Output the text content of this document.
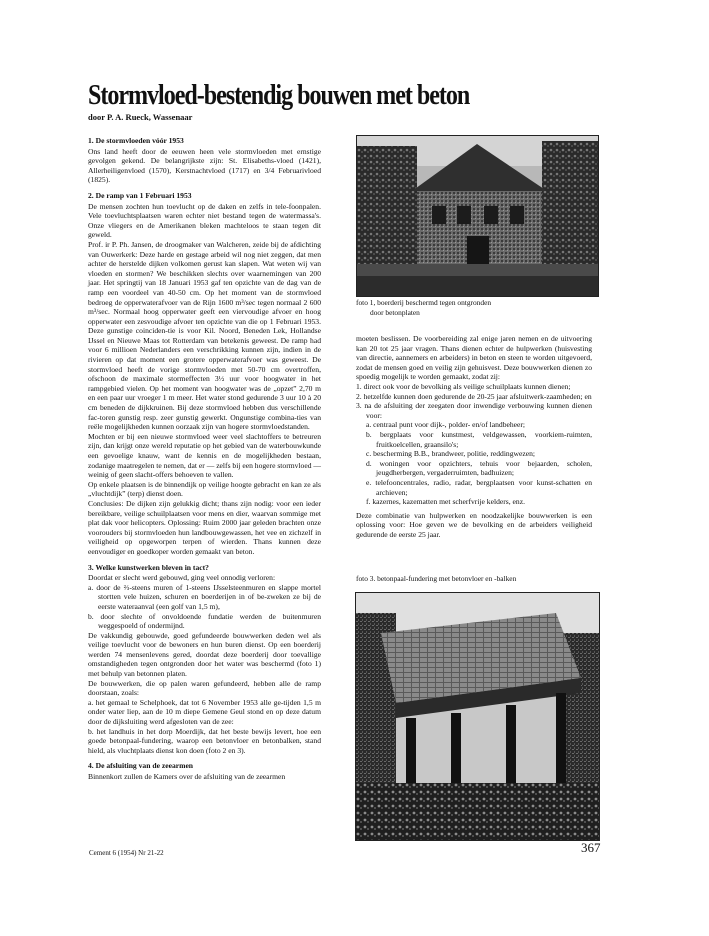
Stormvloed-bestendig bouwen met beton
door P. A. Rueck, Wassenaar
1. De stormvloeden vóór 1953

Ons land heeft door de eeuwen heen vele stormvloeden met ernstige gevolgen gekend. De belangrijkste zijn: St. Elisabeths-vloed (1421), Allerheiligenvloed (1570), Kerstnachtvloed (1717) en 3/4 Februarivloed (1825).

2. De ramp van 1 Februari 1953

De mensen zochten hun toevlucht op de daken en zelfs in tele-foonpalen. Vele toevluchtsplaatsen waren echter niet bestand tegen de watermassa's. Onze vliegers en de Amerikanen bleken machteloos te staan tegen dit geweld.

Prof. ir P. Ph. Jansen, de droogmaker van Walcheren, zeide bij de afdichting van Ouwerkerk: Deze harde en gestage arbeid wil nog niet zeggen, dat men achter de herstelde dijken volkomen gerust kan slapen. Wat weten wij van vloeden en stormen? We beschikken slechts over waarnemingen van 200 jaar. Het springtij van 18 Januari 1953 gaf ten opzichte van de dag van de ramp een voordeel van 40-50 cm. Op het moment van de stormvloed bedroeg de opperwaterafvoer van de Rijn 1600 m³/sec tegen normaal 2 600 m³/sec. Normaal hoog opperwater geeft een viervoudige afvoer en hoog opperwater een zesvoudige afvoer ten opzichte van die op 1 Februari 1953. Deze gunstige coinciden-tie is voor Kil. Noord, Beneden Lek, Hollandse IJssel en Nieuwe Maas tot Rotterdam van betekenis geweest. De ramp had voor 6 millioen Nederlanders een verschrikking kunnen zijn, indien in de rivieren op dat moment een grotere opperwaterafvoer was geweest. De stormvloed heeft de vorige stormvloeden met 50-70 cm overtroffen, ofschoon de maximale stormeffecten 3½ uur voor hoogwater in het rampgebied vielen. Op het moment van hoogwater was de „opzet” 2,70 m en een paar uur vroeger 1 m meer. Het water stond gedurende 3 uur 10 à 20 cm beneden de dijkkruinen. Bij deze stormvloed hebben dus verschillende fac-toren gunstig resp. zeer gunstig gewerkt. Ongunstige combina-ties van reële mogelijkheden kunnen oorzaak zijn van hogere stormvloedstanden.

Mochten er bij een nieuwe stormvloed weer veel slachtoffers te betreuren zijn, dan krijgt onze wereld reputatie op het gebied van de waterbouwkunde een gevoelige knauw, want de kennis en de mogelijkheden bestaan, zodanige maatregelen te nemen, dat er — zelfs bij een hogere stormvloed — weinig of geen slacht-offers behoeven te vallen.

Op enkele plaatsen is de binnendijk op veilige hoogte gebracht en kan ze als „vluchtdijk” (terp) dienst doen.

Conclusies: De dijken zijn gelukkig dicht; thans zijn nodig: voor een ieder bereikbare, veilige schuilplaatsen voor mens en dier, waarvan sommige met plat dak voor helicopters. Oplossing: Ruim 2000 jaar geleden brachten onze voorouders bij stormvloeden hun landbouwgewassen, het vee en zichzelf in veiligheid op opgeworpen terpen of wierden. Thans kunnen deze eenvoudiger en goedkoper worden gemaakt van beton.

3. Welke kunstwerken bleven in tact?

Doordat er slecht werd gebouwd, ging veel onnodig verloren:

a. door de ⅔-steens muren of 1-steens IJsselsteenmuren en slappe mortel stortten vele huizen, schuren en boerderijen in of be-zweken ze bij de eerste wateraanval (een golf van 1,5 m),

b. door slechte of onvoldoende fundatie werden de buitenmuren weggespoeld of ondermijnd.

De vakkundig gebouwde, goed gefundeerde bouwwerken deden wel als veilige toevlucht voor de bewoners en hun buren dienst. Op een boerderij werden 74 mensenlevens gered, doordat deze boerderij door toevallige omstandigheden tegen ontgronden door het water was beschermd (foto 1) met behulp van betonnen platen.

De bouwwerken, die op palen waren gefundeerd, hebben alle de ramp doorstaan, zoals:

a. het gemaal te Schelphoek, dat tot 6 November 1953 alle ge-tijden 1,5 m onder water liep, aan de 10 m diepe Gemene Geul stond en op deze datum door de dijksluiting werd afgesloten van de zee:

b. het landhuis in het dorp Moerdijk, dat het beste bewijs levert, hoe een goede betonpaal-fundering, waarop een betonvloer en betonbalken, stand hield, als vluchtplaats dienst kon doen (foto 2 en 3).

4. De afsluiting van de zeearmen

Binnenkort zullen de Kamers over de afsluiting van de zeearmen

foto 1, boerderij beschermd tegen ontgronden
door betonplaten

moeten beslissen. De voorbereiding zal enige jaren nemen en de uitvoering kan 20 tot 25 jaar vragen. Thans dienen echter de hulpwerken (huisvesting van directie, aannemers en arbeiders) in beton en steen te worden uitgevoerd, zodat de mensen goed en veilig zijn gehuisvest. Deze bouwwerken dienen zo spoedig mogelijk te worden gemaakt, zodat zij:

1. direct ook voor de bevolking als veilige schuilplaats kunnen dienen;

2. hetzelfde kunnen doen gedurende de 20-25 jaar afsluitwerk-zaamheden; en

3. na de afsluiting der zeegaten door inwendige verbouwing kunnen dienen voor:

a. centraal punt voor dijk-, polder- en/of landbeheer;

b. bergplaats voor kunstmest, veldgewassen, voorkiem-ruimten, fruitkoelcellen, graansilo's;

c. bescherming B.B., brandweer, politie, reddingwezen;

d. woningen voor opzichters, tehuis voor bejaarden, scholen, jeugdherbergen, vergaderruimten, badhuizen;

e. telefooncentrales, radio, radar, bergplaatsen voor kunst-schatten en archieven;

f. kazernes, kazematten met scherfvrije kelders, enz.

Deze combinatie van hulpwerken en noodzakelijke bouwwerken is een oplossing voor: Hoe geven we de bevolking en de arbeiders veiligheid gedurende de eerste 25 jaar.

foto 3. betonpaal-fundering met betonvloer en -balken
Cement 6 (1954) Nr 21-22	367
